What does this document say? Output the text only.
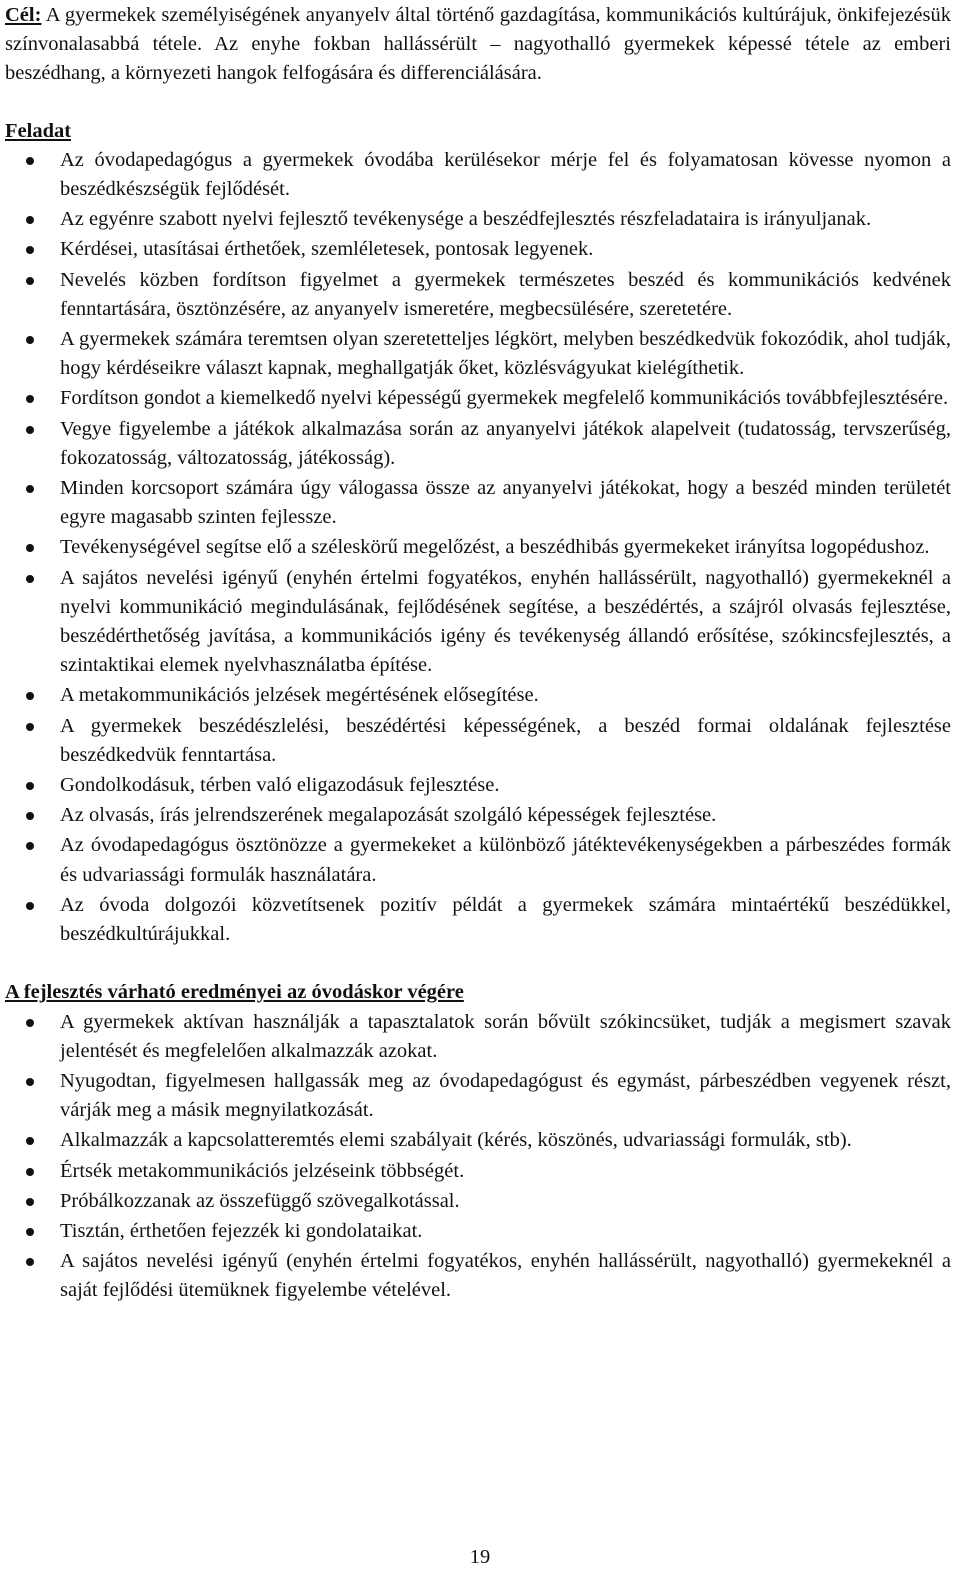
Cél: A gyermekek személyiségének anyanyelv által történő gazdagítása, kommunikációs kultúrájuk, önkifejezésük színvonalasabbá tétele. Az enyhe fokban hallássérült – nagyothalló gyermekek képessé tétele az emberi beszédhang, a környezeti hangok felfogására és differenciálására.

Feladat
Az óvodapedagógus a gyermekek óvodába kerülésekor mérje fel és folyamatosan kövesse nyomon a beszédkészségük fejlődését.
Az egyénre szabott nyelvi fejlesztő tevékenysége a beszédfejlesztés részfeladataira is irányuljanak.
Kérdései, utasításai érthetőek, szemléletesek, pontosak legyenek.
Nevelés közben fordítson figyelmet a gyermekek természetes beszéd és kommunikációs kedvének fenntartására, ösztönzésére, az anyanyelv ismeretére, megbecsülésére, szeretetére.
A gyermekek számára teremtsen olyan szeretetteljes légkört, melyben beszédkedvük fokozódik, ahol tudják, hogy kérdéseikre választ kapnak, meghallgatják őket, közlésvágyukat kielégíthetik.
Fordítson gondot a kiemelkedő nyelvi képességű gyermekek megfelelő kommunikációs továbbfejlesztésére.
Vegye figyelembe a játékok alkalmazása során az anyanyelvi játékok alapelveit (tudatosság, tervszerűség, fokozatosság, változatosság, játékosság).
Minden korcsoport számára úgy válogassa össze az anyanyelvi játékokat, hogy a beszéd minden területét egyre magasabb szinten fejlessze.
Tevékenységével segítse elő a széleskörű megelőzést, a beszédhibás gyermekeket irányítsa logopédushoz.
A sajátos nevelési igényű (enyhén értelmi fogyatékos, enyhén hallássérült, nagyothalló) gyermekeknél a nyelvi kommunikáció megindulásának, fejlődésének segítése, a beszédértés, a szájról olvasás fejlesztése, beszédérthetőség javítása, a kommunikációs igény és tevékenység állandó erősítése, szókincsfejlesztés, a szintaktikai elemek nyelvhasználatba építése.
A metakommunikációs jelzések megértésének elősegítése.
A gyermekek beszédészlelési, beszédértési képességének, a beszéd formai oldalának fejlesztése beszédkedvük fenntartása.
Gondolkodásuk, térben való eligazodásuk fejlesztése.
Az olvasás, írás jelrendszerének megalapozását szolgáló képességek fejlesztése.
Az óvodapedagógus ösztönözze a gyermekeket a különböző játéktevékenységekben a párbeszédes formák és udvariassági formulák használatára.
Az óvoda dolgozói közvetítsenek pozitív példát a gyermekek számára mintaértékű beszédükkel, beszédkultúrájukkal.
A fejlesztés várható eredményei az óvodáskor végére
A gyermekek aktívan használják a tapasztalatok során bővült szókincsüket, tudják a megismert szavak jelentését és megfelelően alkalmazzák azokat.
Nyugodtan, figyelmesen hallgassák meg az óvodapedagógust és egymást, párbeszédben vegyenek részt, várják meg a másik megnyilatkozását.
Alkalmazzák a kapcsolatteremtés elemi szabályait (kérés, köszönés, udvariassági formulák, stb).
Értsék metakommunikációs jelzéseink többségét.
Próbálkozzanak az összefüggő szövegalkotással.
Tisztán, érthetően fejezzék ki gondolataikat.
A sajátos nevelési igényű (enyhén értelmi fogyatékos, enyhén hallássérült, nagyothalló) gyermekeknél a saját fejlődési ütemüknek figyelembe vételével.
19
